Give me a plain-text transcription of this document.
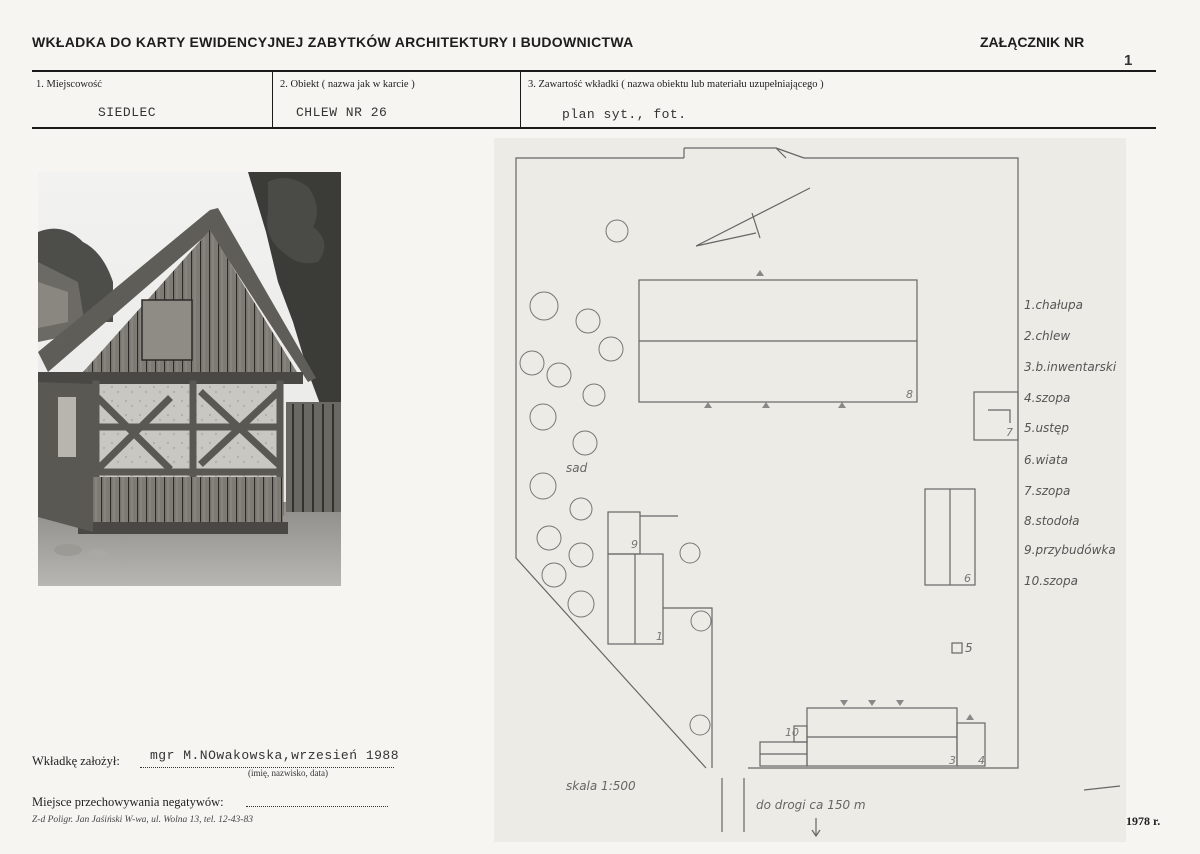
WKŁADKA DO KARTY EWIDENCYJNEJ ZABYTKÓW ARCHITEKTURY I BUDOWNICTWA	ZAŁĄCZNIK NR
1
1. Miejscowość
SIEDLEC
2. Obiekt ( nazwa jak w karcie )
CHLEW NR 26
3. Zawartość wkładki ( nazwa obiektu lub materiału uzupełniającego )
plan syt., fot.
8
7
6
9
1
10
3 4
5
sad
skala 1:500
do drogi ca 150 m
1.chałupa
2.chlew
3.b.inwentarski
4.szopa
5.ustęp
6.wiata
7.szopa
8.stodoła
9.przybudówka
10.szopa
Wkładkę założył: mgr M.NOwakowska,wrzesień 1988
(imię, nazwisko, data)
Miejsce przechowywania negatywów:
Z-d Poligr. Jan Jaśiński W-wa, ul. Wolna 13, tel. 12-43-83	1978 r.
